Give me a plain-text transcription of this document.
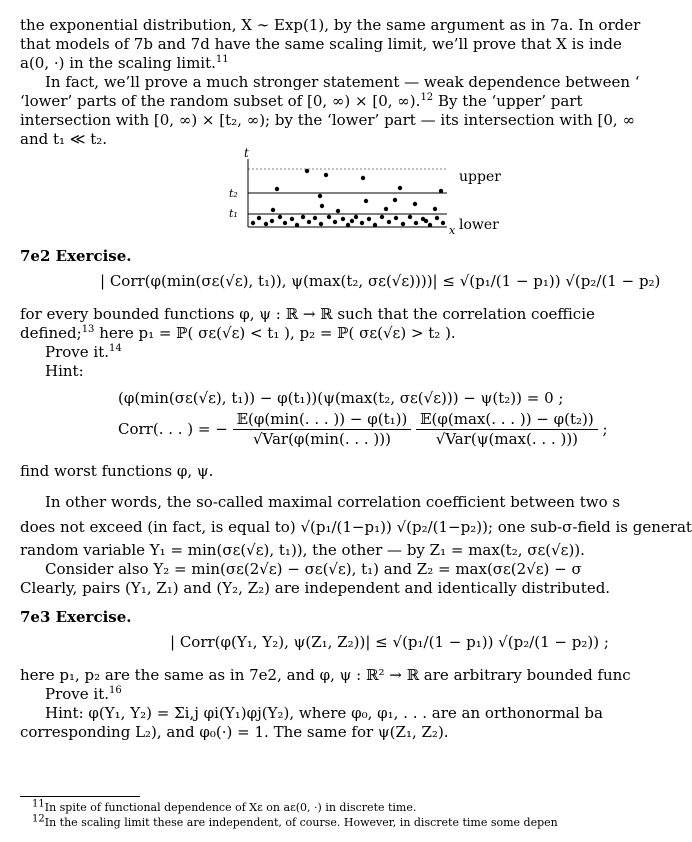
the exponential distribution, X ∼ Exp(1), by the same argument as in 7a. In order

that models of 7b and 7d have the same scaling limit, we’ll prove that X is inde

a(0, ·) in the scaling limit.$^{11}$

In fact, we’ll prove a much stronger statement — weak dependence between ‘

‘lower’ parts of the random subset of [0, ∞) × [0, ∞).$^{12}$ By the ‘upper’ part

intersection with [0, ∞) × [t₂, ∞); by the ‘lower’ part — its intersection with [0, ∞

and t₁ ≪ t₂.

t
t₂
t₁
x
upper
lower

7e2 Exercise.

| Corr(φ(min(σε(√ε), t₁)), ψ(max(t₂, σε(√ε))))| ≤ √(p₁/(1 − p₁)) √(p₂/(1 − p₂)

for every bounded functions φ, ψ : ℝ → ℝ such that the correlation coefficie

defined;$^{13}$ here p₁ = ℙ( σε(√ε) < t₁ ), p₂ = ℙ( σε(√ε) > t₂ ).

Prove it.$^{14}$

Hint:

(φ(min(σε(√ε), t₁)) − φ(t₁))(ψ(max(t₂, σε(√ε))) − ψ(t₂)) = 0 ;

Corr(. . . ) = − $\frac{\text{𝔼(φ(min(. . . )) − φ(t₁))}}{\text{√Var(φ(min(. . . )))}}$
$\frac{\text{𝔼(φ(max(. . . )) − φ(t₂))}}{\text{√Var(ψ(max(. . . )))}}$ ;

find worst functions φ, ψ.

In other words, the so-called maximal correlation coefficient between two s

does not exceed (in fact, is equal to) √(p₁/(1−p₁)) √(p₂/(1−p₂)); one sub-σ-field is generat

random variable Y₁ = min(σε(√ε), t₁)), the other — by Z₁ = max(t₂, σε(√ε)).

Consider also Y₂ = min(σε(2√ε) − σε(√ε), t₁) and Z₂ = max(σε(2√ε) − σ

Clearly, pairs (Y₁, Z₁) and (Y₂, Z₂) are independent and identically distributed.

7e3 Exercise.

| Corr(φ(Y₁, Y₂), ψ(Z₁, Z₂))| ≤ √(p₁/(1 − p₁)) √(p₂/(1 − p₂)) ;

here p₁, p₂ are the same as in 7e2, and φ, ψ : ℝ² → ℝ are arbitrary bounded func

Prove it.$^{16}$

Hint: φ(Y₁, Y₂) = Σi,j φi(Y₁)φj(Y₂), where φ₀, φ₁, . . . are an orthonormal ba

corresponding L₂), and φ₀(·) = 1. The same for ψ(Z₁, Z₂).

11In spite of functional dependence of Xε on aε(0, ·) in discrete time.

12In the scaling limit these are independent, of course. However, in discrete time some depen
